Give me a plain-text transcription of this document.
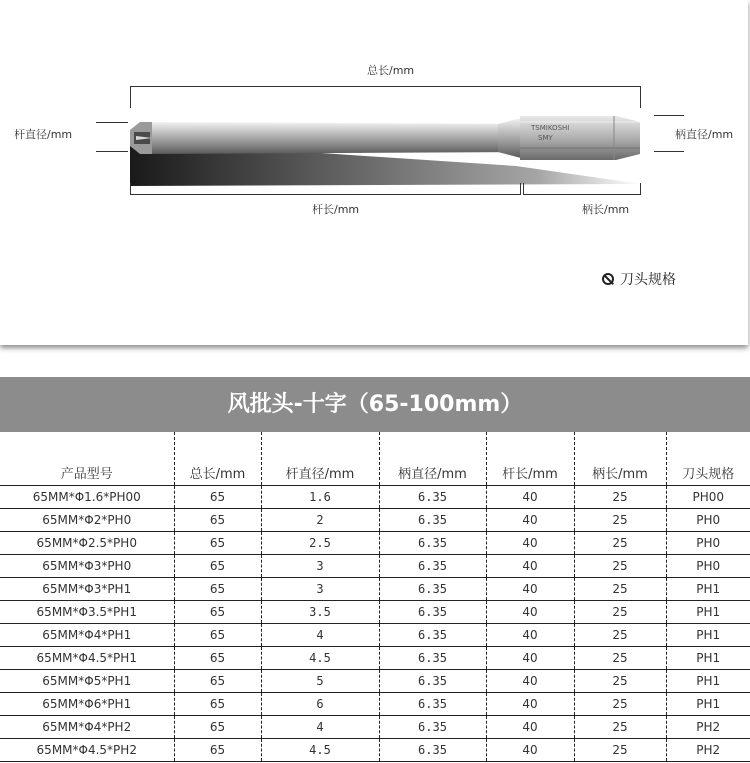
总长/mm
杆直径/mm	柄直径/mm
TSMIKOSHI
SMY
杆长/mm	柄长/mm
刀头规格
风批头-十字（65-100mm）
产品型号	总长/mm	杆直径/mm	柄直径/mm	杆长/mm	柄长/mm	刀头规格
65MM*Φ1.6*PH00	65	1.6	6.35	40	25	PH00
65MM*Φ2*PH0	65	2	6.35	40	25	PH0
65MM*Φ2.5*PH0	65	2.5	6.35	40	25	PH0
65MM*Φ3*PH0	65	3	6.35	40	25	PH0
65MM*Φ3*PH1	65	3	6.35	40	25	PH1
65MM*Φ3.5*PH1	65	3.5	6.35	40	25	PH1
65MM*Φ4*PH1	65	4	6.35	40	25	PH1
65MM*Φ4.5*PH1	65	4.5	6.35	40	25	PH1
65MM*Φ5*PH1	65	5	6.35	40	25	PH1
65MM*Φ6*PH1	65	6	6.35	40	25	PH1
65MM*Φ4*PH2	65	4	6.35	40	25	PH2
65MM*Φ4.5*PH2	65	4.5	6.35	40	25	PH2
